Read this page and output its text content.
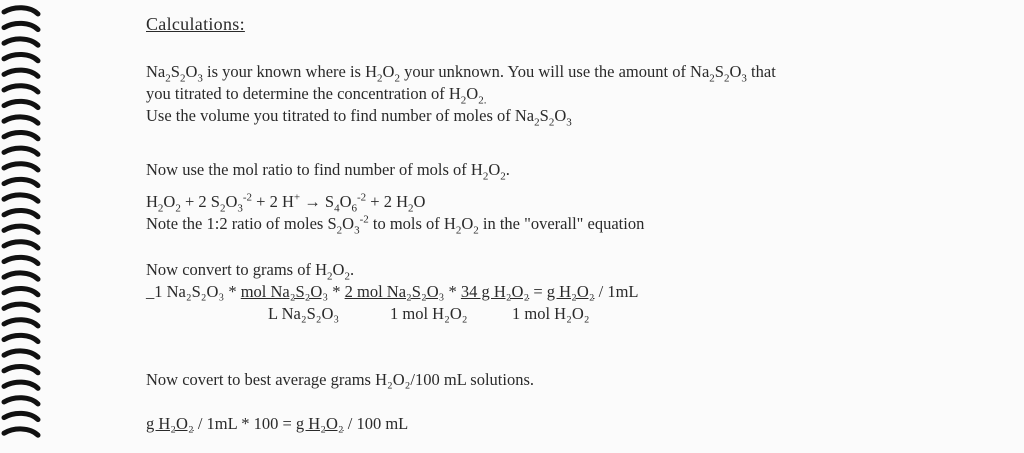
Calculations:
$Na_2S_2O_3$ is your known where is $H_2O_2$ your unknown. You will use the amount of $Na_2S_2O_3$ that
you titrated to determine the concentration of $H_2O_{2.}$
Use the volume you titrated to find number of moles of $Na_2S_2O_3$
Now use the mol ratio to find number of mols of $H_2O_2$.
$H_2O_2 + 2$ $S_2O_3^{-2} + 2$ $H^+ \to S_4O_6^{-2} + 2$ $H_2O$
Note the 1:2 ratio of moles $S_2O_3^{-2}$ to mols of $H_2O_2$ in the "overall" equation
Now convert to grams of $H_2O_2$.
_1 Na₂S₂O₃ * mol Na₂S₂O₃ * 2 mol Na₂S₂O₃ * 34 g H₂O₂ = g H₂O₂ / 1mL
L Na₂S₂O₃	1 mol H₂O₂	1 mol H₂O₂
Now covert to best average grams H₂O₂/100 mL solutions.
g H₂O₂ / 1mL * 100 = g H₂O₂ / 100 mL
